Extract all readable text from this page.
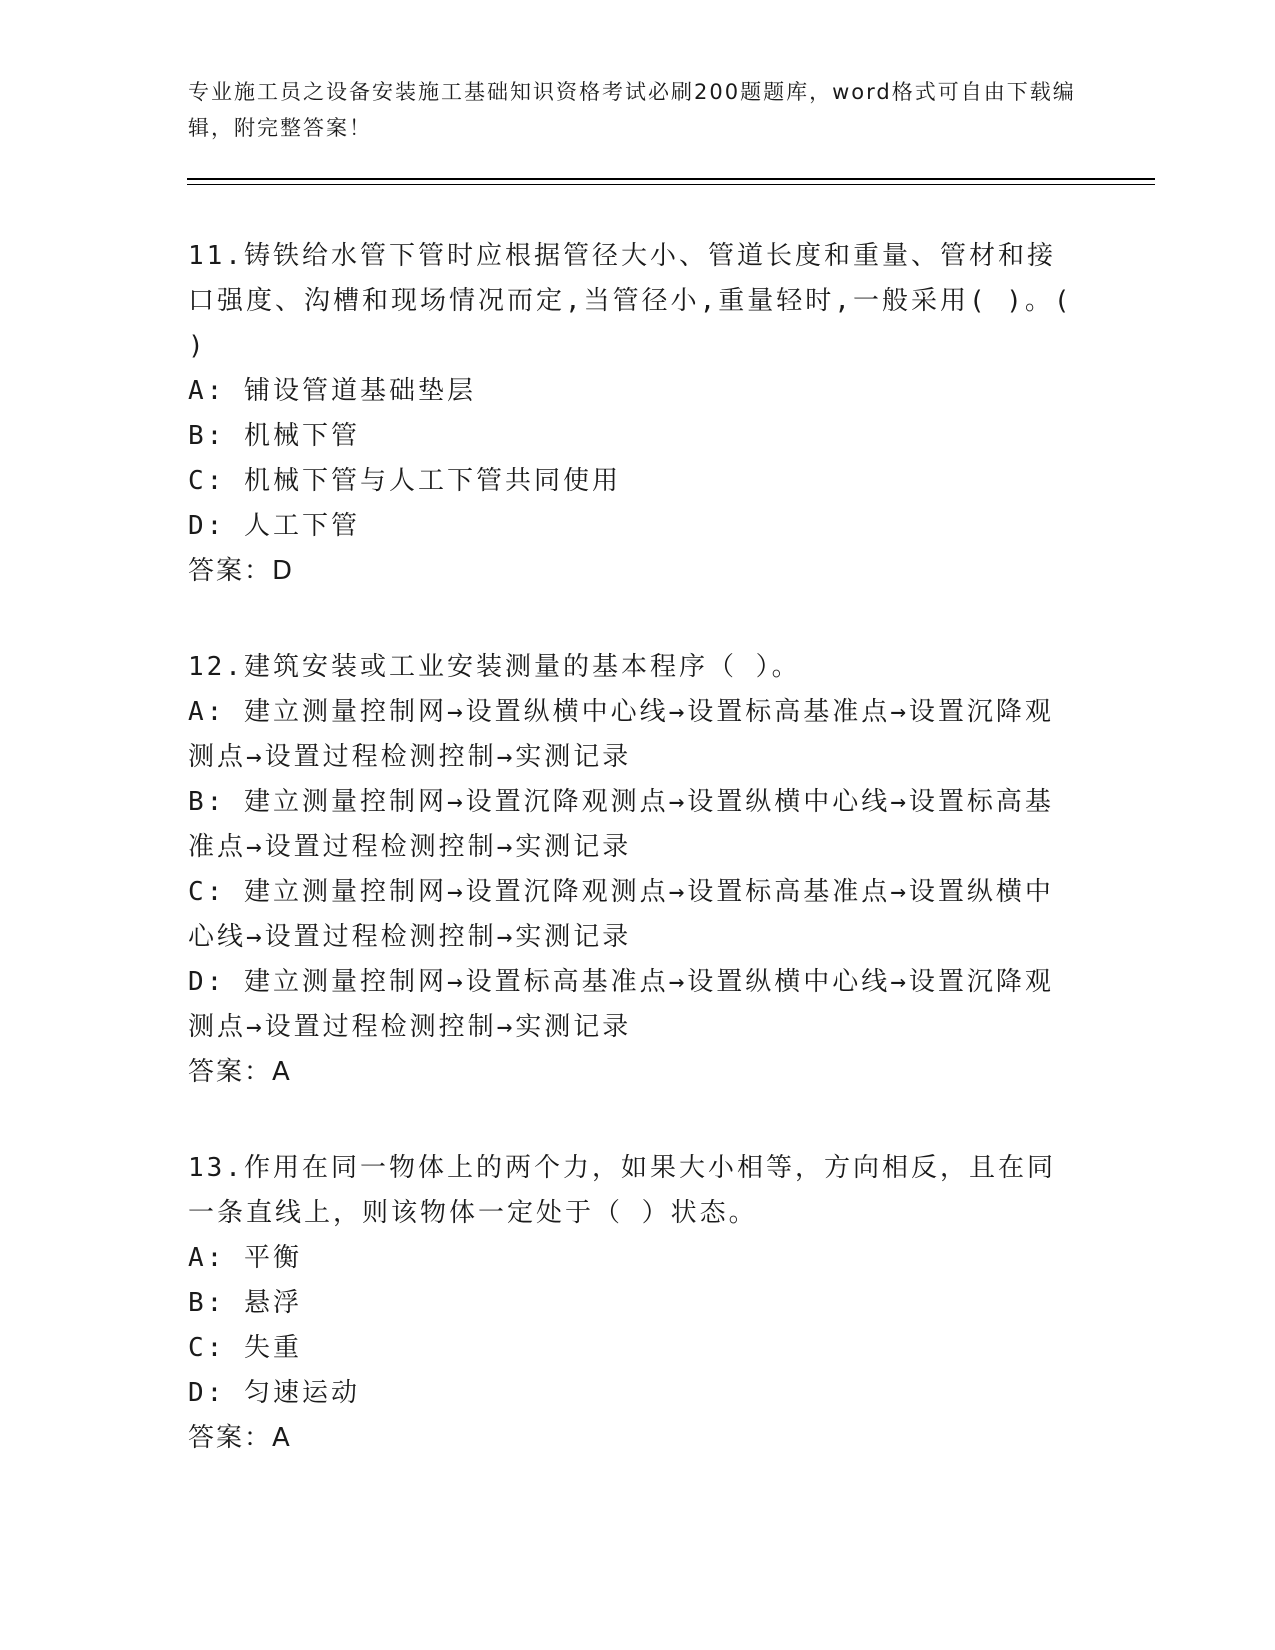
专业施工员之设备安装施工基础知识资格考试必刷200题题库，word格式可自由下载编辑，附完整答案！

11.铸铁给水管下管时应根据管径大小、管道长度和重量、管材和接口强度、沟槽和现场情况而定,当管径小,重量轻时,一般采用( )。( )

A: 铺设管道基础垫层

B: 机械下管

C: 机械下管与人工下管共同使用

D: 人工下管

答案：D

12.建筑安装或工业安装测量的基本程序（ ）。

A: 建立测量控制网→设置纵横中心线→设置标高基准点→设置沉降观测点→设置过程检测控制→实测记录

B: 建立测量控制网→设置沉降观测点→设置纵横中心线→设置标高基准点→设置过程检测控制→实测记录

C: 建立测量控制网→设置沉降观测点→设置标高基准点→设置纵横中心线→设置过程检测控制→实测记录

D: 建立测量控制网→设置标高基准点→设置纵横中心线→设置沉降观测点→设置过程检测控制→实测记录

答案：A

13.作用在同一物体上的两个力，如果大小相等，方向相反，且在同一条直线上，则该物体一定处于（ ）状态。

A: 平衡

B: 悬浮

C: 失重

D: 匀速运动

答案：A
